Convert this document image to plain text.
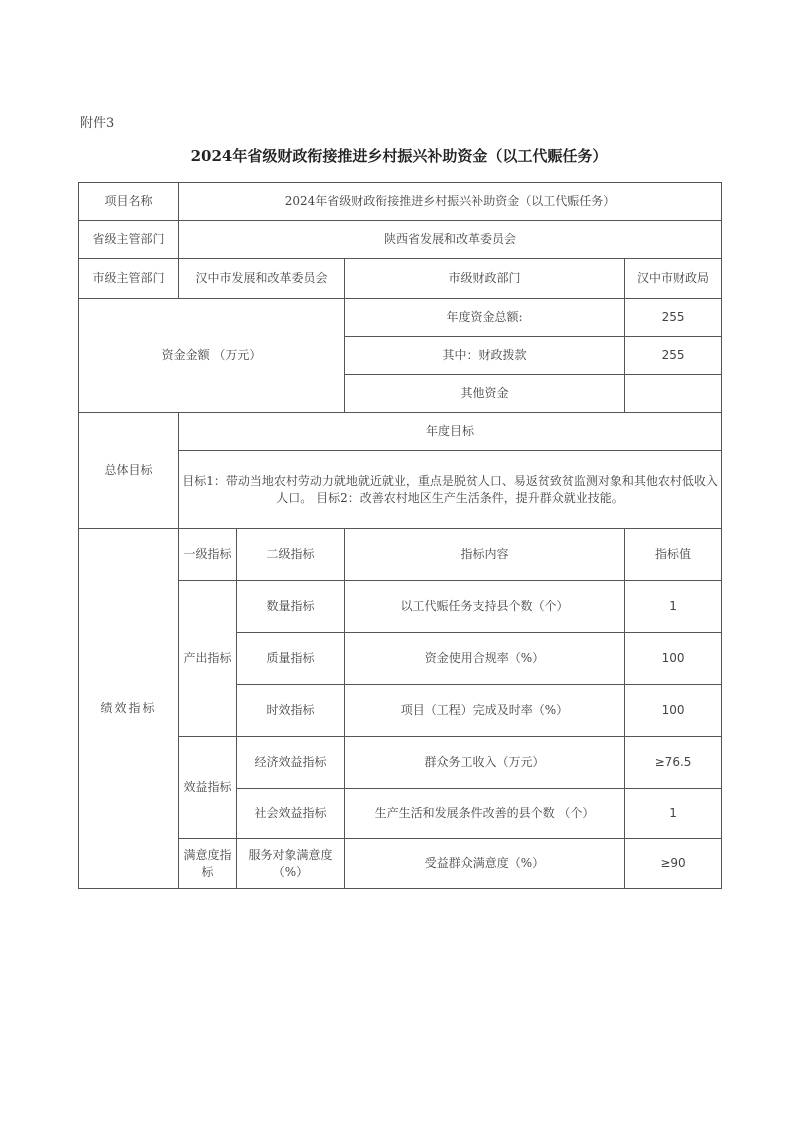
附件3
2024年省级财政衔接推进乡村振兴补助资金（以工代赈任务）
项目名称	2024年省级财政衔接推进乡村振兴补助资金（以工代赈任务）			
省级主管部门	陕西省发展和改革委员会			
市级主管部门	汉中市发展和改革委员会		市级财政部门	汉中市财政局
资金金额 （万元）			年度资金总额:	255
			其中：财政拨款	255
			其他资金	
总体目标	年度目标			
	目标1：带动当地农村劳动力就地就近就业，重点是脱贫人口、易返贫致贫监测对象和其他农村低收入人口。 目标2：改善农村地区生产生活条件，提升群众就业技能。			
绩效指标	一级指标	二级指标	指标内容	指标值
	产出指标	数量指标	以工代赈任务支持县个数（个）	1
		质量指标	资金使用合规率（%）	100
		时效指标	项目（工程）完成及时率（%）	100
	效益指标	经济效益指标	群众务工收入（万元）	≥76.5
		社会效益指标	生产生活和发展条件改善的县个数 （个）	1
	满意度指标	服务对象满意度（%）	受益群众满意度（%）	≥90
